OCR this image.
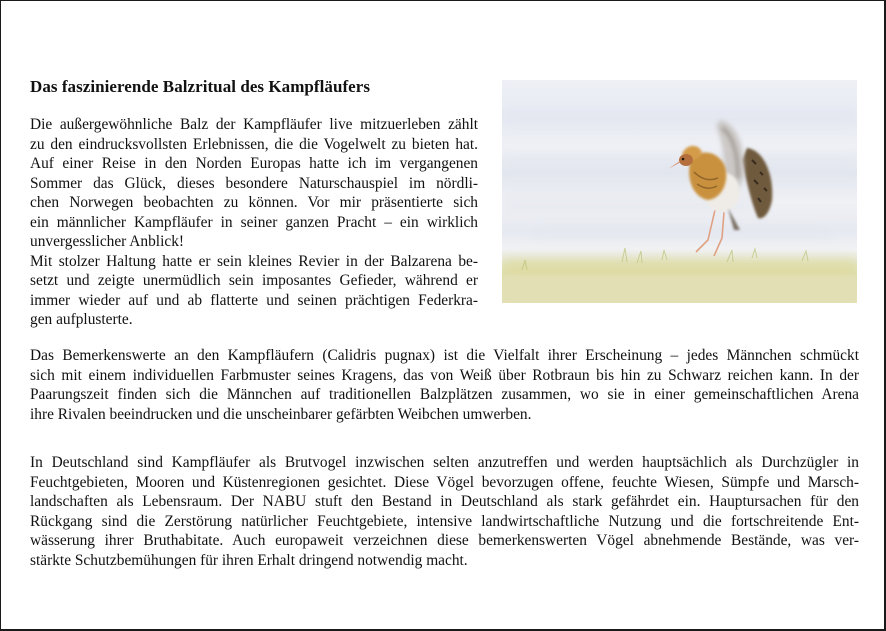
Das faszinierende Balzritual des Kampfläufers
Die außergewöhnliche Balz der Kampfläufer live mitzuerleben zählt
zu den eindrucksvollsten Erlebnissen, die die Vogelwelt zu bieten hat.
Auf einer Reise in den Norden Europas hatte ich im vergangenen
Sommer das Glück, dieses besondere Naturschauspiel im nördli-
chen Norwegen beobachten zu können. Vor mir präsentierte sich
ein männlicher Kampfläufer in seiner ganzen Pracht – ein wirklich
unvergesslicher Anblick!
Mit stolzer Haltung hatte er sein kleines Revier in der Balzarena be-
setzt und zeigte unermüdlich sein imposantes Gefieder, während er
immer wieder auf und ab flatterte und seinen prächtigen Federkra-
gen aufplusterte.
Das Bemerkenswerte an den Kampfläufern (Calidris pugnax) ist die Vielfalt ihrer Erscheinung – jedes Männchen schmückt
sich mit einem individuellen Farbmuster seines Kragens, das von Weiß über Rotbraun bis hin zu Schwarz reichen kann. In der
Paarungszeit finden sich die Männchen auf traditionellen Balzplätzen zusammen, wo sie in einer gemeinschaftlichen Arena
ihre Rivalen beeindrucken und die unscheinbarer gefärbten Weibchen umwerben.
In Deutschland sind Kampfläufer als Brutvogel inzwischen selten anzutreffen und werden hauptsächlich als Durchzügler in
Feuchtgebieten, Mooren und Küstenregionen gesichtet. Diese Vögel bevorzugen offene, feuchte Wiesen, Sümpfe und Marsch-
landschaften als Lebensraum. Der NABU stuft den Bestand in Deutschland als stark gefährdet ein. Hauptursachen für den
Rückgang sind die Zerstörung natürlicher Feuchtgebiete, intensive landwirtschaftliche Nutzung und die fortschreitende Ent-
wässerung ihrer Bruthabitate. Auch europaweit verzeichnen diese bemerkenswerten Vögel abnehmende Bestände, was ver-
stärkte Schutzbemühungen für ihren Erhalt dringend notwendig macht.
